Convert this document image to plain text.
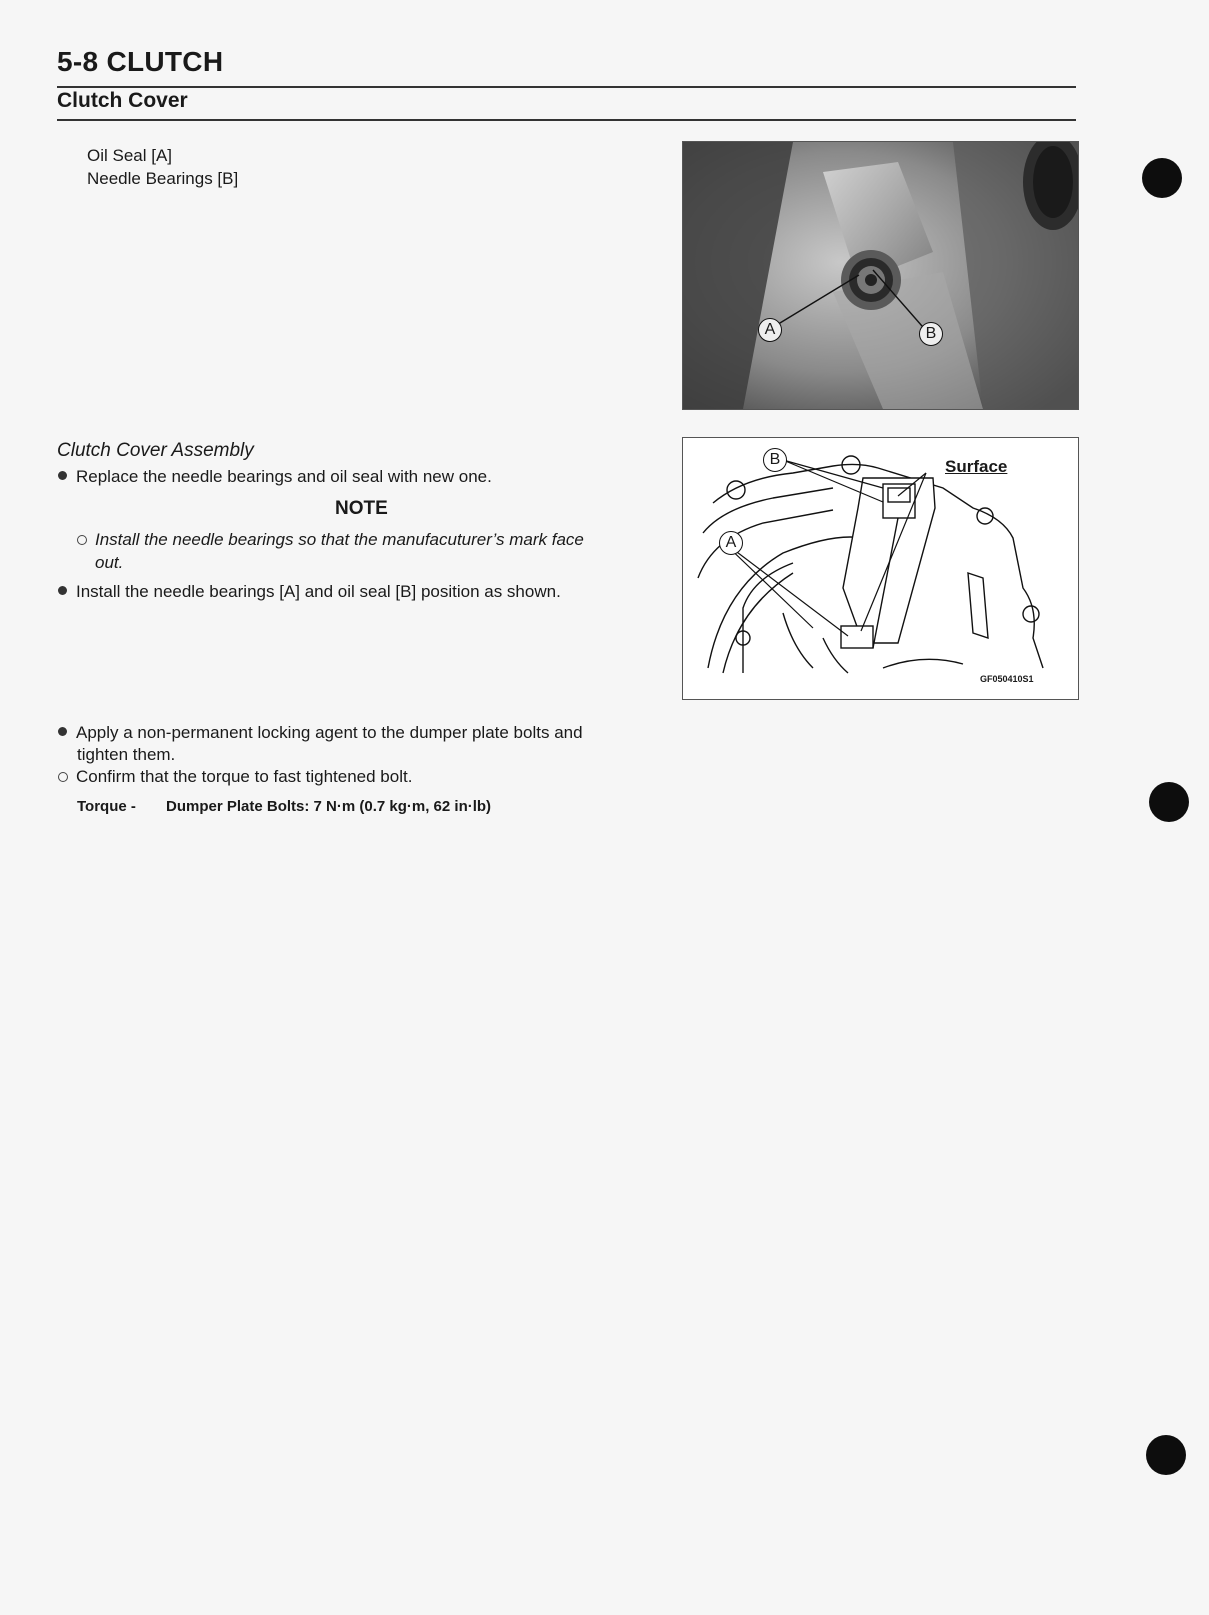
5-8 CLUTCH
Clutch Cover
Oil Seal [A]
Needle Bearings [B]
A	B
Clutch Cover Assembly
Replace the needle bearings and oil seal with new one.
NOTE
Install the needle bearings so that the manufacuturer’s mark face
out.
Install the needle bearings [A] and oil seal [B] position as shown.
B
A
Surface
GF050410S1
Apply a non-permanent locking agent to the dumper plate bolts and
tighten them.
Confirm that the torque to fast tightened bolt.
Torque - Dumper Plate Bolts: 7 N·m (0.7 kg·m, 62 in·lb)
